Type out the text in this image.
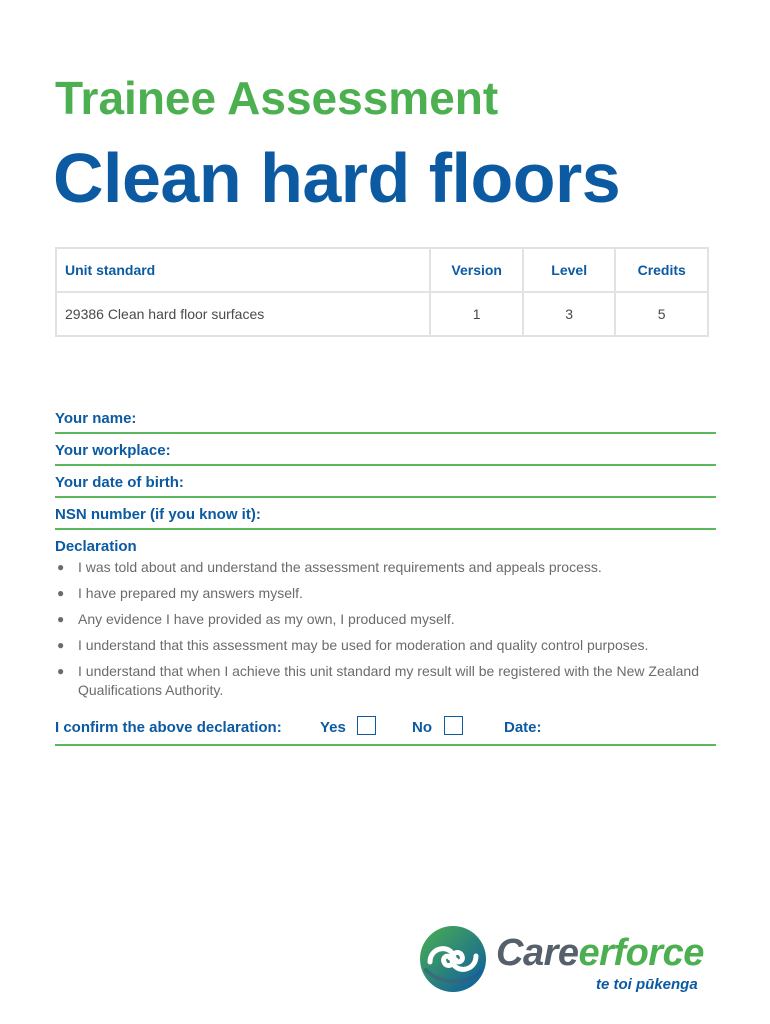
Trainee Assessment
Clean hard floors
Unit standard	Version	Level	Credits
29386 Clean hard floor surfaces	1	3	5
Your name:
Your workplace:
Your date of birth:
NSN number (if you know it):
Declaration
● I was told about and understand the assessment requirements and appeals process.
● I have prepared my answers myself.
● Any evidence I have provided as my own, I produced myself.
● I understand that this assessment may be used for moderation and quality control purposes.
● I understand that when I achieve this unit standard my result will be registered with the New Zealand Qualifications Authority.
I confirm the above declaration:	Yes	No	Date:
Careerforce
te toi pūkenga
